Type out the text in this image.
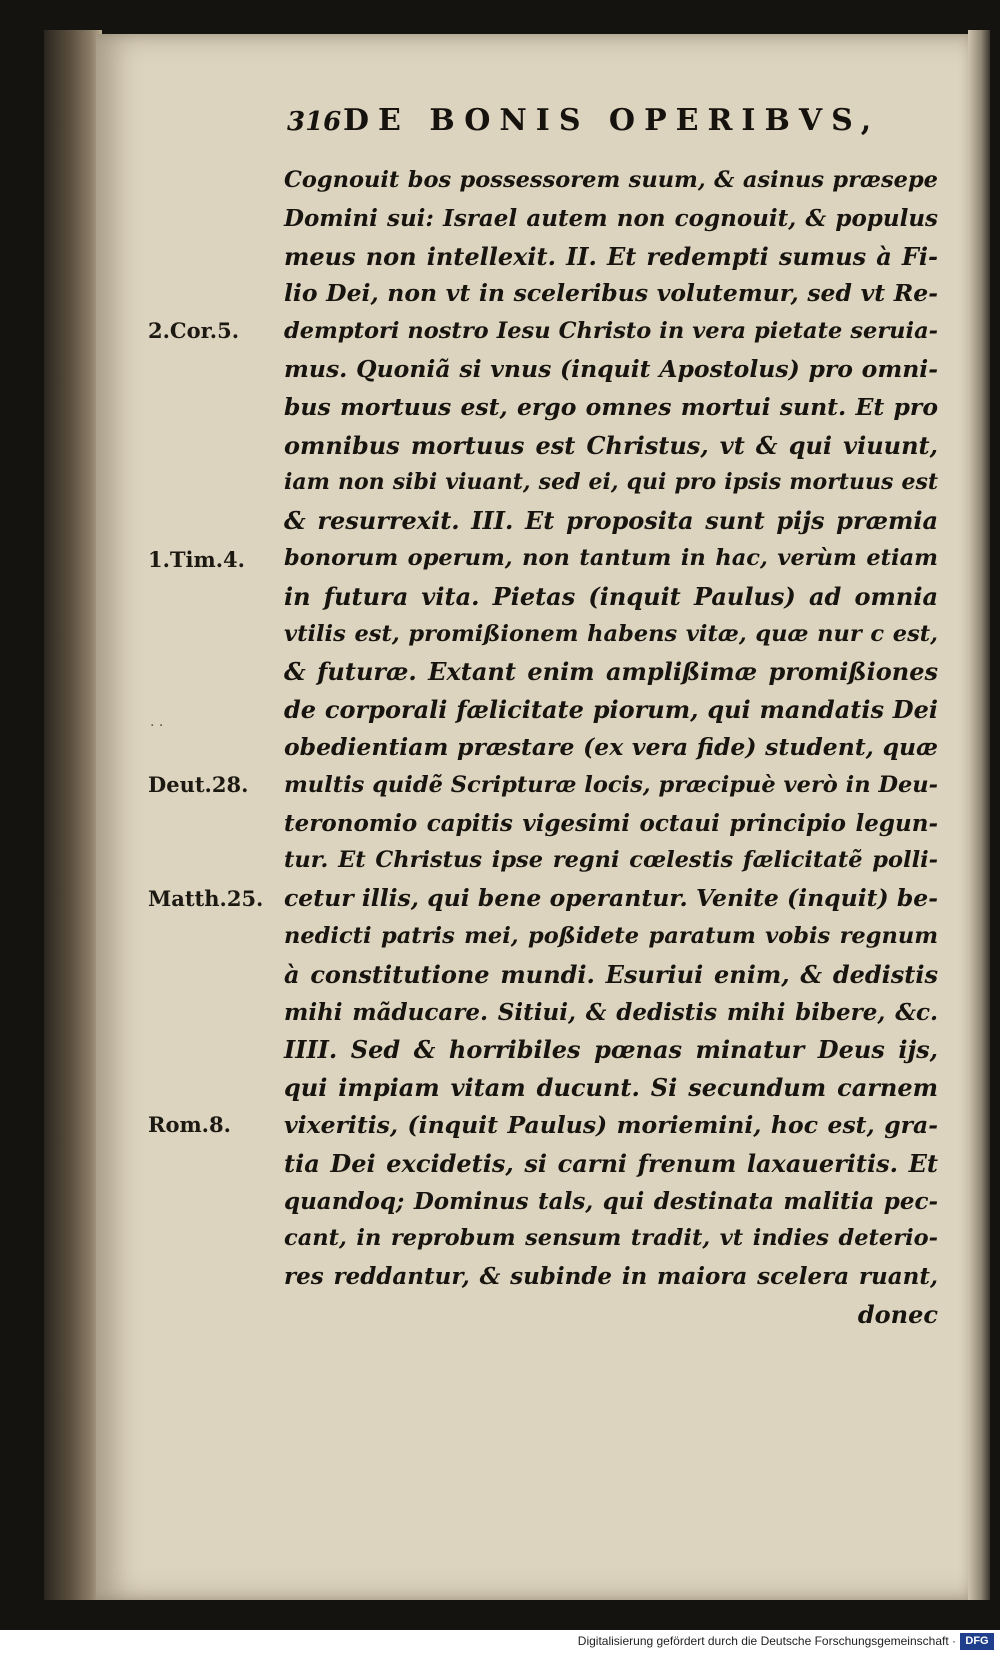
316 DE BONIS OPERIBVS,
2.Cor.5.
1.Tim.4.
· ·
Deut.28.
Matth.25.
Rom.8.
Cognouit bos possessorem suum, & asinus præsepe
Domini sui: Israel autem non cognouit, & populus
meus non intellexit. II. Et redempti sumus à Fi-
lio Dei, non vt in sceleribus volutemur, sed vt Re-
demptori nostro Iesu Christo in vera pietate seruia-
mus. Quoniã si vnus (inquit Apostolus) pro omni-
bus mortuus est, ergo omnes mortui sunt. Et pro
omnibus mortuus est Christus, vt & qui viuunt,
iam non sibi viuant, sed ei, qui pro ipsis mortuus est
& resurrexit. III. Et proposita sunt pijs præmia
bonorum operum, non tantum in hac, verùm etiam
in futura vita. Pietas (inquit Paulus) ad omnia
vtilis est, promißionem habens vitæ, quæ nur c est,
& futuræ. Extant enim amplißimæ promißiones
de corporali fælicitate piorum, qui mandatis Dei
obedientiam præstare (ex vera fide) student, quæ
multis quidẽ Scripturæ locis, præcipuè verò in Deu-
teronomio capitis vigesimi octaui principio legun-
tur. Et Christus ipse regni cœlestis fælicitatẽ polli-
cetur illis, qui bene operantur. Venite (inquit) be-
nedicti patris mei, poßidete paratum vobis regnum
à constitutione mundi. Esuriui enim, & dedistis
mihi mãducare. Sitiui, & dedistis mihi bibere, &c.
IIII. Sed & horribiles pœnas minatur Deus ijs,
qui impiam vitam ducunt. Si secundum carnem
vixeritis, (inquit Paulus) moriemini, hoc est, gra-
tia Dei excidetis, si carni frenum laxaueritis. Et
quandoq; Dominus tals, qui destinata malitia pec-
cant, in reprobum sensum tradit, vt indies deterio-
res reddantur, & subinde in maiora scelera ruant,
donec
Digitalisierung gefördert durch die Deutsche Forschungsgemeinschaft · DFG
